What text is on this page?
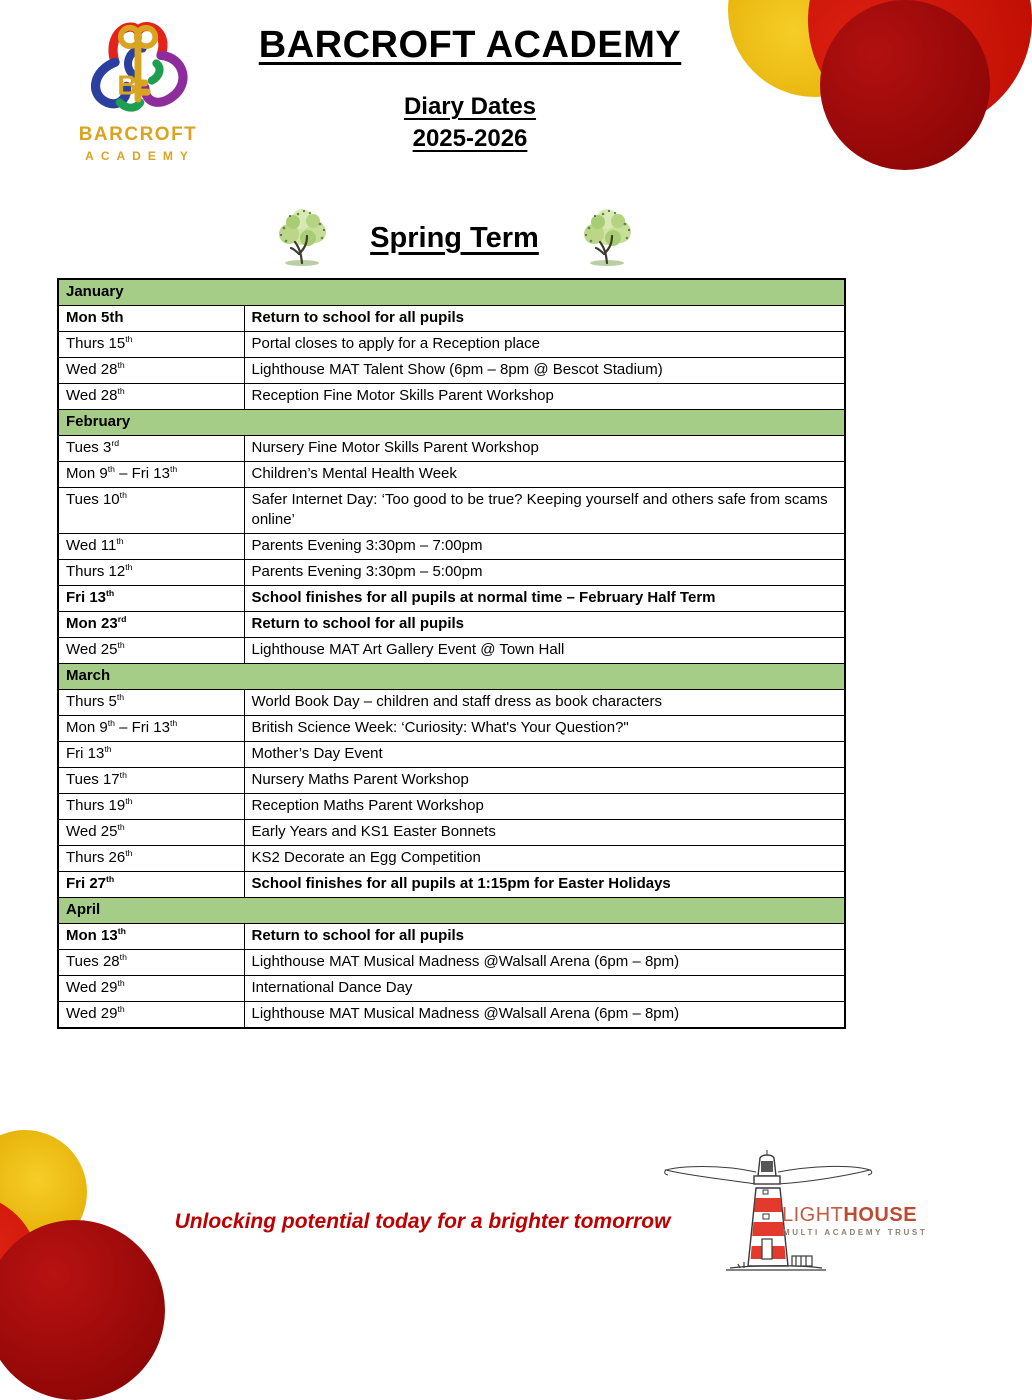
B
BARCROFT
ACADEMY
BARCROFT ACADEMY
Diary Dates
2025-2026
Spring Term
January	
Mon 5th	Return to school for all pupils
Thurs 15th	Portal closes to apply for a Reception place
Wed 28th	Lighthouse MAT Talent Show (6pm – 8pm @ Bescot Stadium)
Wed 28th	Reception Fine Motor Skills Parent Workshop
February	
Tues 3rd	Nursery Fine Motor Skills Parent Workshop
Mon 9th – Fri 13th	Children’s Mental Health Week
Tues 10th	Safer Internet Day: ‘Too good to be true? Keeping yourself and others safe from scams online’
Wed 11th	Parents Evening 3:30pm – 7:00pm
Thurs 12th	Parents Evening 3:30pm – 5:00pm
Fri 13th	School finishes for all pupils at normal time – February Half Term
Mon 23rd	Return to school for all pupils
Wed 25th	Lighthouse MAT Art Gallery Event @ Town Hall
March	
Thurs 5th	World Book Day – children and staff dress as book characters
Mon 9th – Fri 13th	British Science Week: ‘Curiosity: What's Your Question?"
Fri 13th	Mother’s Day Event
Tues 17th	Nursery Maths Parent Workshop
Thurs 19th	Reception Maths Parent Workshop
Wed 25th	Early Years and KS1 Easter Bonnets
Thurs 26th	KS2 Decorate an Egg Competition
Fri 27th	School finishes for all pupils at 1:15pm for Easter Holidays
April	
Mon 13th	Return to school for all pupils
Tues 28th	Lighthouse MAT Musical Madness @Walsall Arena (6pm – 8pm)
Wed 29th	International Dance Day
Wed 29th	Lighthouse MAT Musical Madness @Walsall Arena (6pm – 8pm)
Unlocking potential today for a brighter tomorrow	LIGHTHOUSE
MULTI ACADEMY TRUST
